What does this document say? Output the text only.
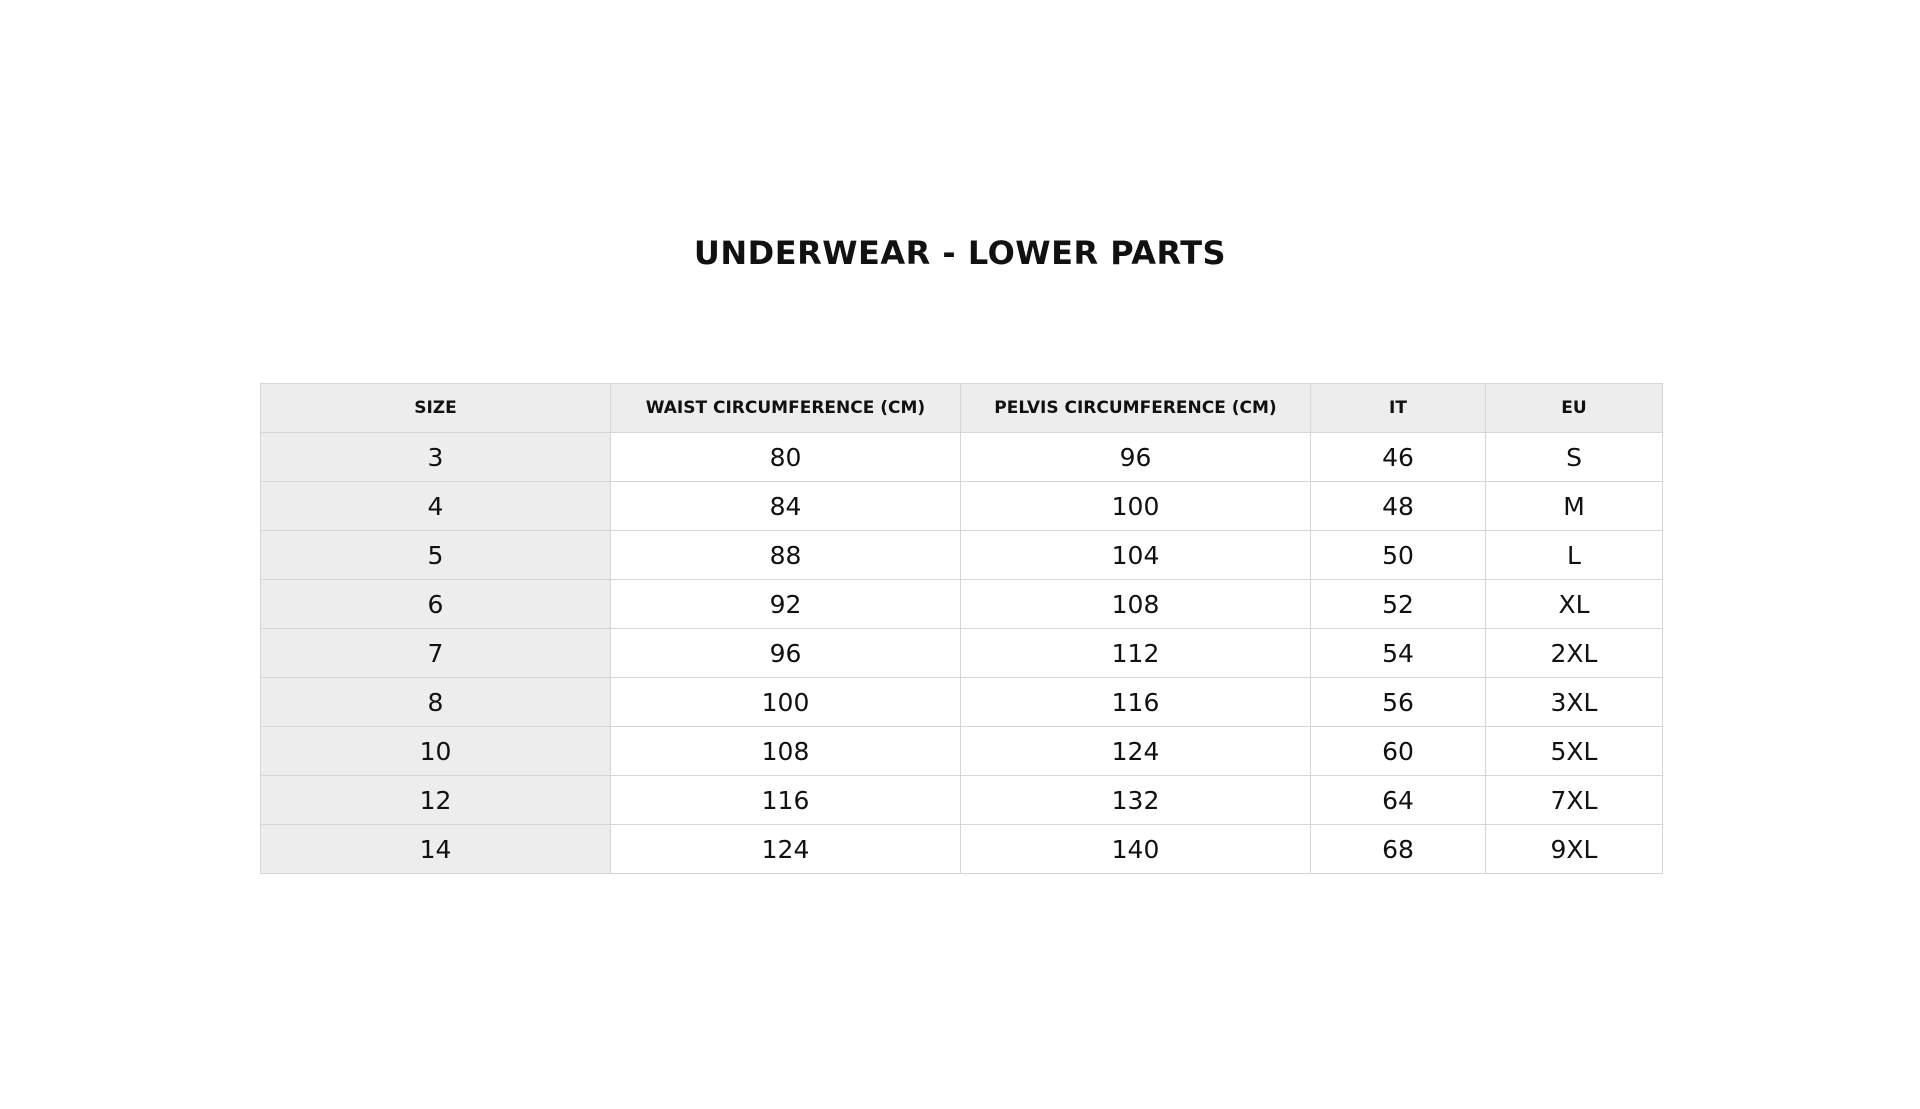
UNDERWEAR - LOWER PARTS
SIZE	WAIST CIRCUMFERENCE (CM)	PELVIS CIRCUMFERENCE (CM)	IT	EU
3	80	96	46	S
4	84	100	48	M
5	88	104	50	L
6	92	108	52	XL
7	96	112	54	2XL
8	100	116	56	3XL
10	108	124	60	5XL
12	116	132	64	7XL
14	124	140	68	9XL
